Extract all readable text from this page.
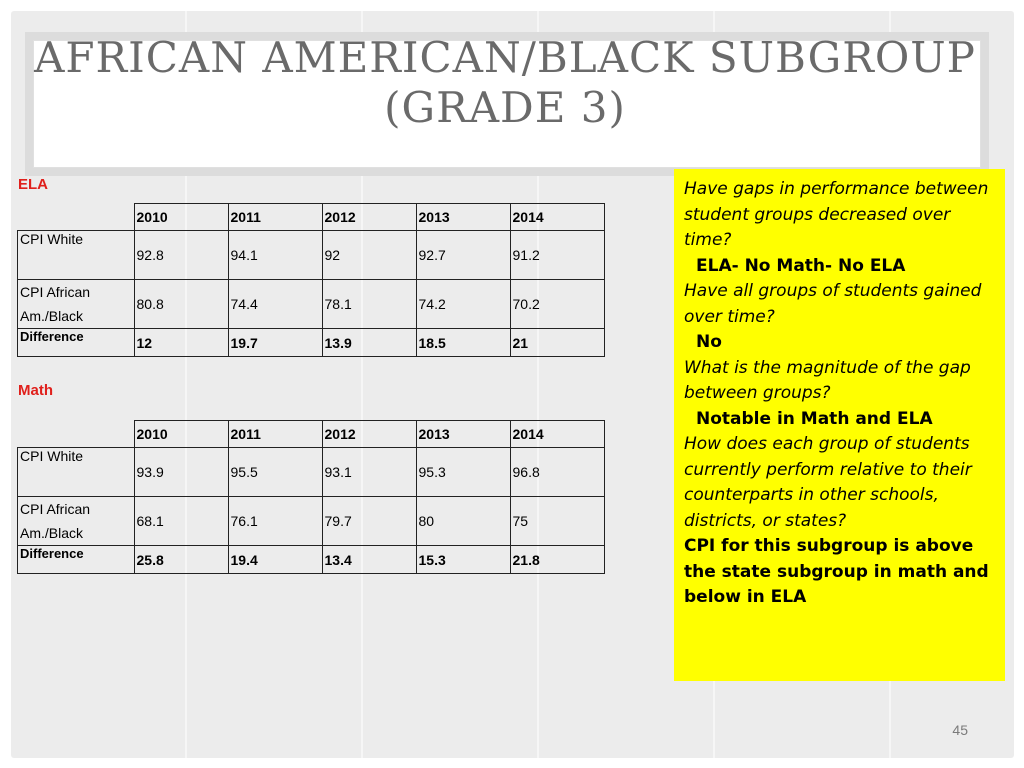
AFRICAN AMERICAN/BLACK SUBGROUP
(GRADE 3)
ELA
	2010	2011	2012	2013	2014
CPI White	92.8	94.1	92	92.7	91.2
CPI African Am./Black	80.8	74.4	78.1	74.2	70.2
Difference	12	19.7	13.9	18.5	21
Math
	2010	2011	2012	2013	2014
CPI White	93.9	95.5	93.1	95.3	96.8
CPI African Am./Black	68.1	76.1	79.7	80	75
Difference	25.8	19.4	13.4	15.3	21.8
Have gaps in performance between student groups decreased over time?
ELA- No Math- No ELA
Have all groups of students gained over time?
No
What is the magnitude of the gap between groups?
Notable in Math and ELA
How does each group of students currently perform relative to their counterparts in other schools, districts, or states?
CPI for this subgroup is above the state subgroup in math and below in ELA
45
